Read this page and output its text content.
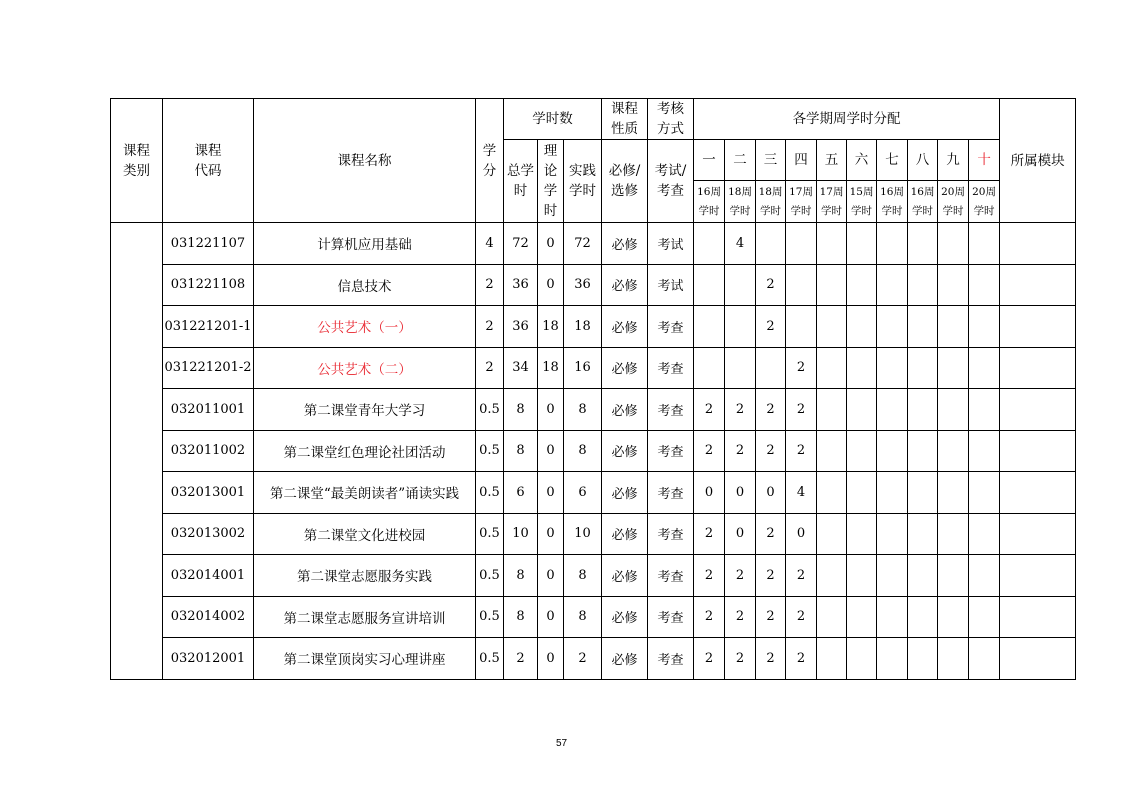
课程类别	课程代码	课程名称	学分	学时数			课程性质	考核方式	各学期周学时分配										所属模块
				总学时	理论学时	实践学时	必修/选修	考试/考查	一	二	三	四	五	六	七	八	九	十	
									16周学时	18周学时	18周学时	17周学时	17周学时	15周学时	16周学时	16周学时	20周学时	20周学时	
	031221107	计算机应用基础	4	72	0	72	必修	考试		4									
	031221108	信息技术	2	36	0	36	必修	考试			2								
	031221201-1	公共艺术（一）	2	36	18	18	必修	考查			2								
	031221201-2	公共艺术（二）	2	34	18	16	必修	考查				2							
	032011001	第二课堂青年大学习	0.5	8	0	8	必修	考查	2	2	2	2							
	032011002	第二课堂红色理论社团活动	0.5	8	0	8	必修	考查	2	2	2	2							
	032013001	第二课堂“最美朗读者”诵读实践	0.5	6	0	6	必修	考查	0	0	0	4							
	032013002	第二课堂文化进校园	0.5	10	0	10	必修	考查	2	0	2	0							
	032014001	第二课堂志愿服务实践	0.5	8	0	8	必修	考查	2	2	2	2							
	032014002	第二课堂志愿服务宣讲培训	0.5	8	0	8	必修	考查	2	2	2	2							
	032012001	第二课堂顶岗实习心理讲座	0.5	2	0	2	必修	考查	2	2	2	2							
57
